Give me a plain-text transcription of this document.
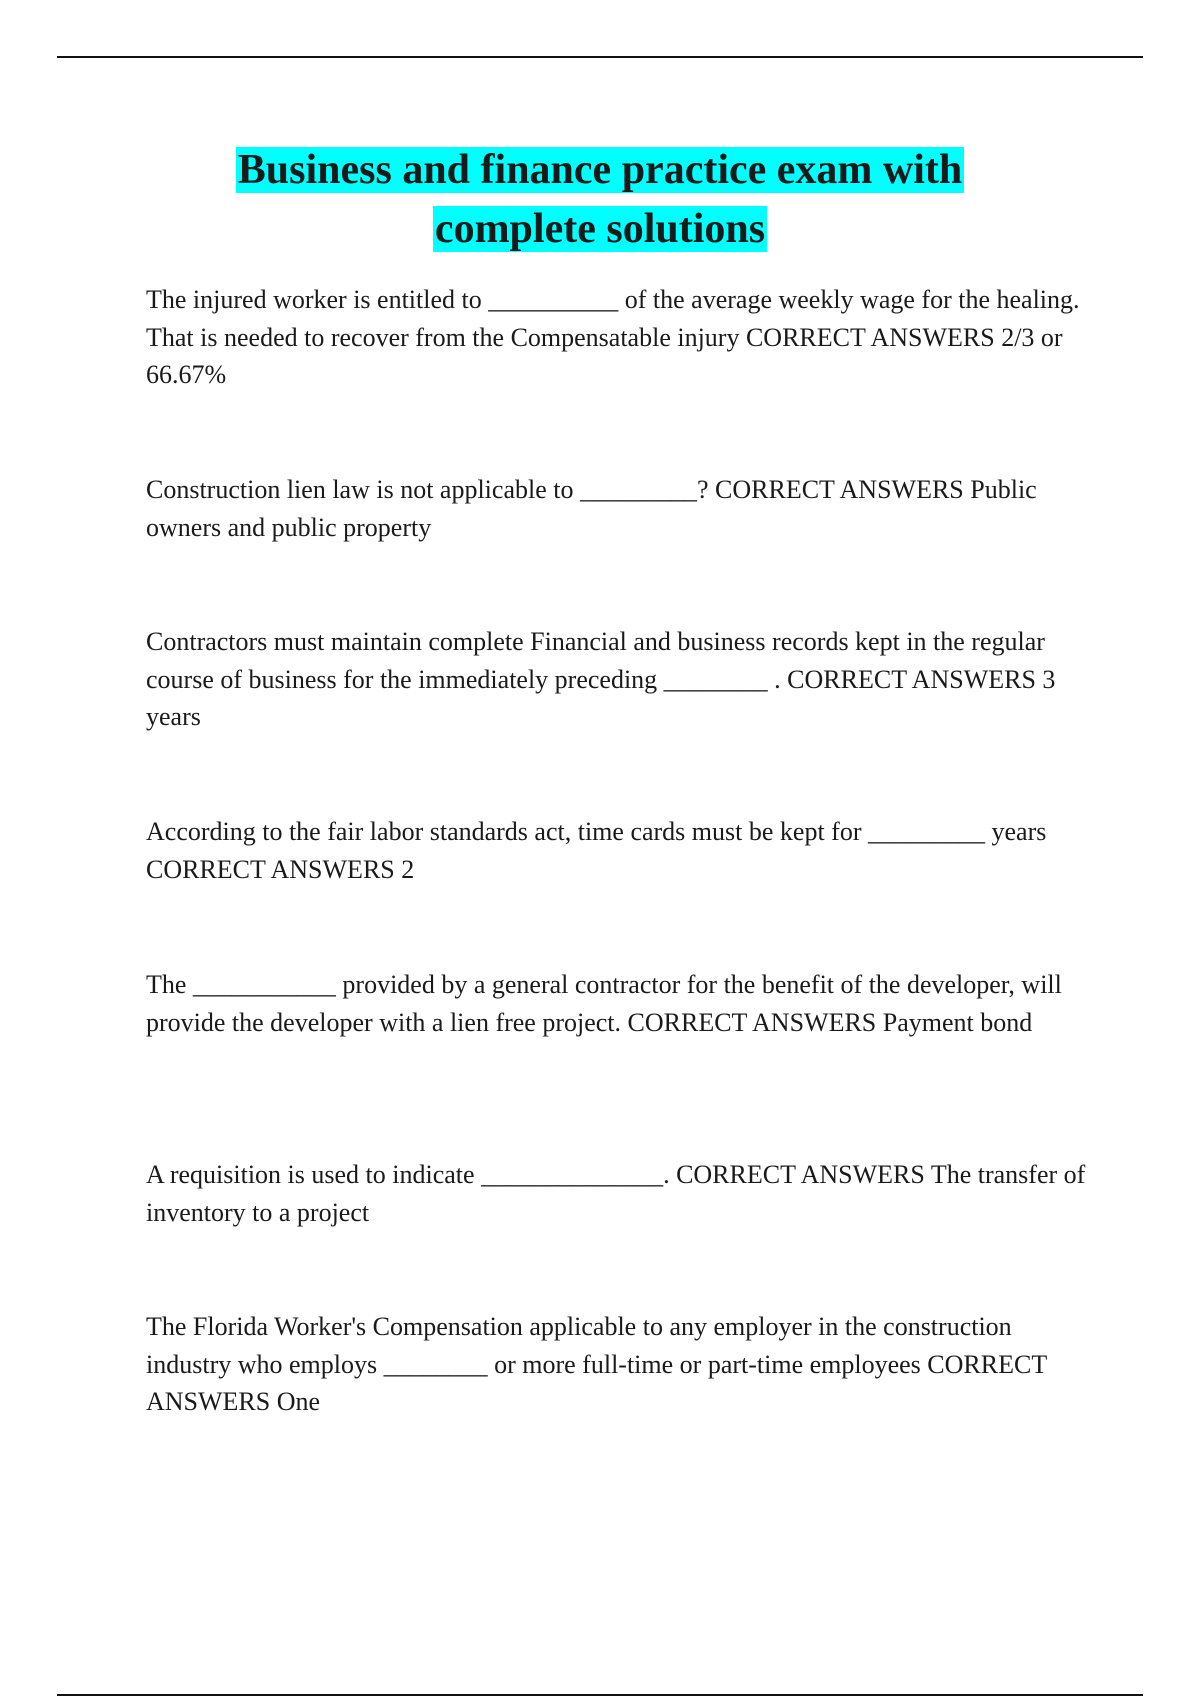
Business and finance practice exam with
complete solutions

The injured worker is entitled to __________ of the average weekly wage for the healing. That is needed to recover from the Compensatable injury CORRECT ANSWERS 2/3 or 66.67%

Construction lien law is not applicable to _________? CORRECT ANSWERS Public owners and public property

Contractors must maintain complete Financial and business records kept in the regular course of business for the immediately preceding ________ . CORRECT ANSWERS 3 years

According to the fair labor standards act, time cards must be kept for _________ years CORRECT ANSWERS 2

The ___________ provided by a general contractor for the benefit of the developer, will provide the developer with a lien free project. CORRECT ANSWERS Payment bond

A requisition is used to indicate ______________. CORRECT ANSWERS The transfer of inventory to a project

The Florida Worker's Compensation applicable to any employer in the construction industry who employs ________ or more full-time or part-time employees CORRECT ANSWERS One
